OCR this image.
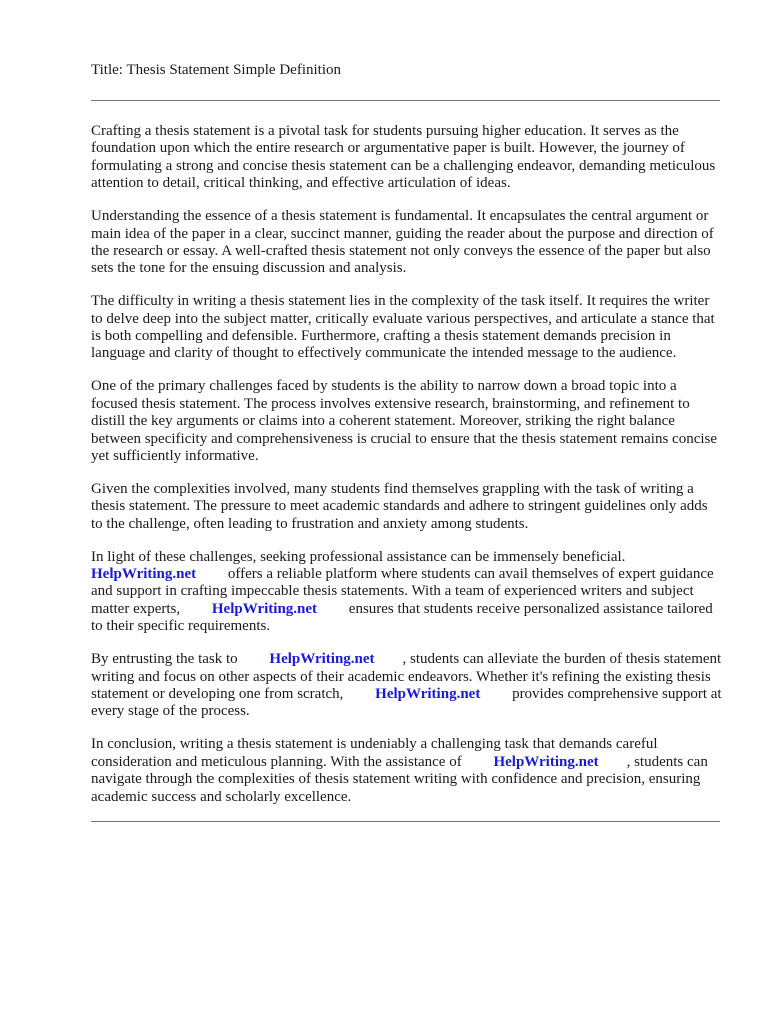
Title: Thesis Statement Simple Definition

Crafting a thesis statement is a pivotal task for students pursuing higher education. It serves as the foundation upon which the entire research or argumentative paper is built. However, the journey of formulating a strong and concise thesis statement can be a challenging endeavor, demanding meticulous attention to detail, critical thinking, and effective articulation of ideas.

Understanding the essence of a thesis statement is fundamental. It encapsulates the central argument or main idea of the paper in a clear, succinct manner, guiding the reader about the purpose and direction of the research or essay. A well-crafted thesis statement not only conveys the essence of the paper but also sets the tone for the ensuing discussion and analysis.

The difficulty in writing a thesis statement lies in the complexity of the task itself. It requires the writer to delve deep into the subject matter, critically evaluate various perspectives, and articulate a stance that is both compelling and defensible. Furthermore, crafting a thesis statement demands precision in language and clarity of thought to effectively communicate the intended message to the audience.

One of the primary challenges faced by students is the ability to narrow down a broad topic into a focused thesis statement. The process involves extensive research, brainstorming, and refinement to distill the key arguments or claims into a coherent statement. Moreover, striking the right balance between specificity and comprehensiveness is crucial to ensure that the thesis statement remains concise yet sufficiently informative.

Given the complexities involved, many students find themselves grappling with the task of writing a thesis statement. The pressure to meet academic standards and adhere to stringent guidelines only adds to the challenge, often leading to frustration and anxiety among students.

In light of these challenges, seeking professional assistance can be immensely beneficial.
HelpWriting.net offers a reliable platform where students can avail themselves of expert guidance and support in crafting impeccable thesis statements. With a team of experienced writers and subject matter experts, HelpWriting.net ensures that students receive personalized assistance tailored to their specific requirements.

By entrusting the task to HelpWriting.net , students can alleviate the burden of thesis statement writing and focus on other aspects of their academic endeavors. Whether it's refining the existing thesis statement or developing one from scratch, HelpWriting.net provides comprehensive support at every stage of the process.

In conclusion, writing a thesis statement is undeniably a challenging task that demands careful consideration and meticulous planning. With the assistance of HelpWriting.net , students can navigate through the complexities of thesis statement writing with confidence and precision, ensuring academic success and scholarly excellence.
